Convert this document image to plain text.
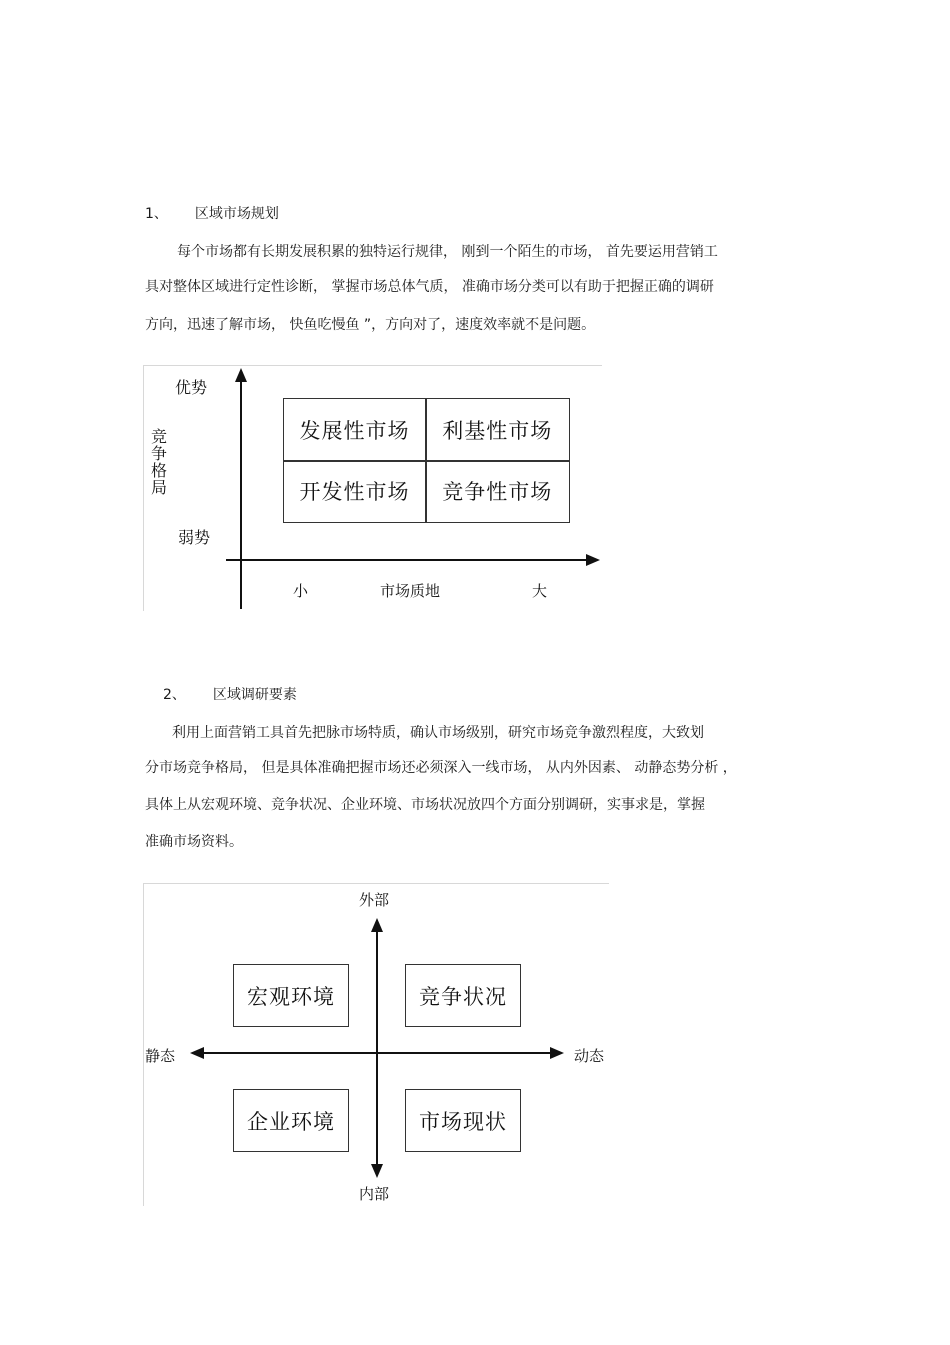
1、 区域市场规划
每个市场都有长期发展积累的独特运行规律， 刚到一个陌生的市场， 首先要运用营销工
具对整体区域进行定性诊断， 掌握市场总体气质， 准确市场分类可以有助于把握正确的调研
方向，迅速了解市场， 快鱼吃慢鱼 ”，方向对了，速度效率就不是问题。
优势
弱势
竞争格局
小	市场质地	大
发展性市场	利基性市场
开发性市场	竞争性市场
2、 区域调研要素
利用上面营销工具首先把脉市场特质，确认市场级别，研究市场竞争激烈程度，大致划
分市场竞争格局， 但是具体准确把握市场还必须深入一线市场， 从内外因素、 动静态势分析 ，
具体上从宏观环境、竞争状况、企业环境、市场状况放四个方面分别调研，实事求是，掌握
准确市场资料。
外部
内部
静态	动态
宏观环境	竞争状况
企业环境	市场现状
